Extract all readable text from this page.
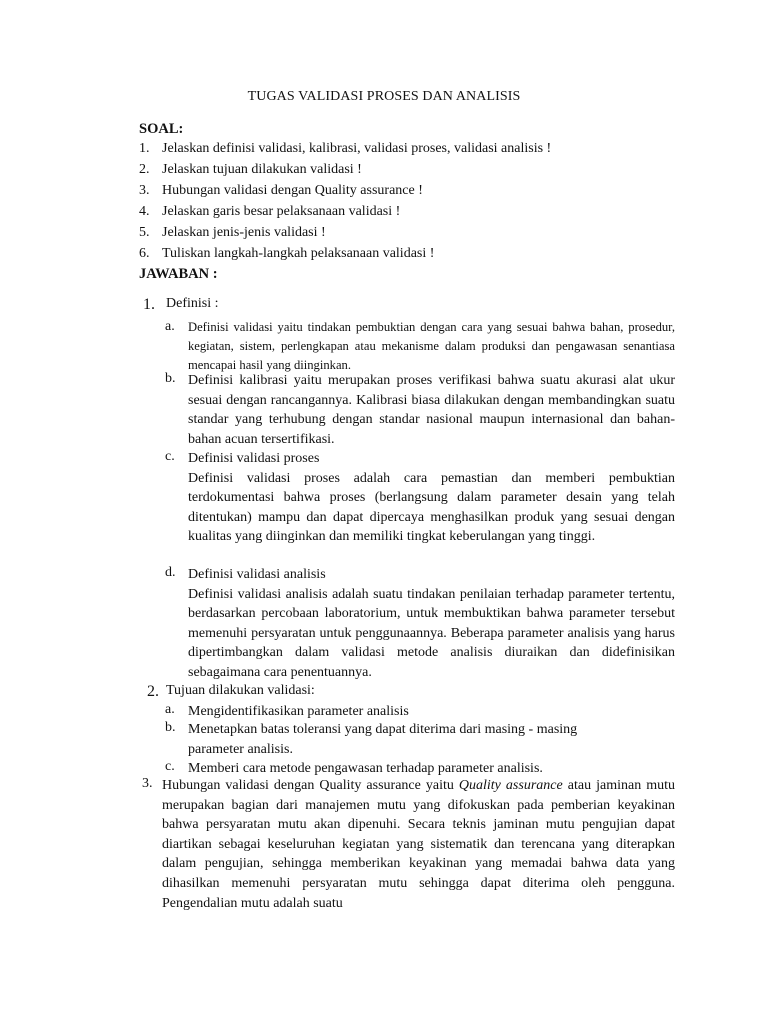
TUGAS VALIDASI PROSES DAN ANALISIS
SOAL:
1. Jelaskan definisi validasi, kalibrasi, validasi proses, validasi analisis !
2. Jelaskan tujuan dilakukan validasi !
3. Hubungan validasi dengan Quality assurance !
4. Jelaskan garis besar pelaksanaan validasi !
5. Jelaskan jenis-jenis validasi !
6. Tuliskan langkah-langkah pelaksanaan validasi !
JAWABAN :
1. Definisi :
a. Definisi validasi yaitu tindakan pembuktian dengan cara yang sesuai bahwa bahan, prosedur, kegiatan, sistem, perlengkapan atau mekanisme dalam produksi dan pengawasan senantiasa mencapai hasil yang diinginkan.
b. Definisi kalibrasi yaitu merupakan proses verifikasi bahwa suatu akurasi alat ukur sesuai dengan rancangannya. Kalibrasi biasa dilakukan dengan membandingkan suatu standar yang terhubung dengan standar nasional maupun internasional dan bahan-bahan acuan tersertifikasi.
c. Definisi validasi proses
Definisi validasi proses adalah cara pemastian dan memberi pembuktian terdokumentasi bahwa proses (berlangsung dalam parameter desain yang telah ditentukan) mampu dan dapat dipercaya menghasilkan produk yang sesuai dengan kualitas yang diinginkan dan memiliki tingkat keberulangan yang tinggi.
d. Definisi validasi analisis
Definisi validasi analisis adalah suatu tindakan penilaian terhadap parameter tertentu, berdasarkan percobaan laboratorium, untuk membuktikan bahwa parameter tersebut memenuhi persyaratan untuk penggunaannya. Beberapa parameter analisis yang harus dipertimbangkan dalam validasi metode analisis diuraikan dan didefinisikan sebagaimana cara penentuannya.
2. Tujuan dilakukan validasi:
a. Mengidentifikasikan parameter analisis
b. Menetapkan batas toleransi yang dapat diterima dari masing - masing parameter analisis.
c. Memberi cara metode pengawasan terhadap parameter analisis.
3. Hubungan validasi dengan Quality assurance yaitu Quality assurance atau jaminan mutu merupakan bagian dari manajemen mutu yang difokuskan pada pemberian keyakinan bahwa persyaratan mutu akan dipenuhi. Secara teknis jaminan mutu pengujian dapat diartikan sebagai keseluruhan kegiatan yang sistematik dan terencana yang diterapkan dalam pengujian, sehingga memberikan keyakinan yang memadai bahwa data yang dihasilkan memenuhi persyaratan mutu sehingga dapat diterima oleh pengguna. Pengendalian mutu adalah suatu
